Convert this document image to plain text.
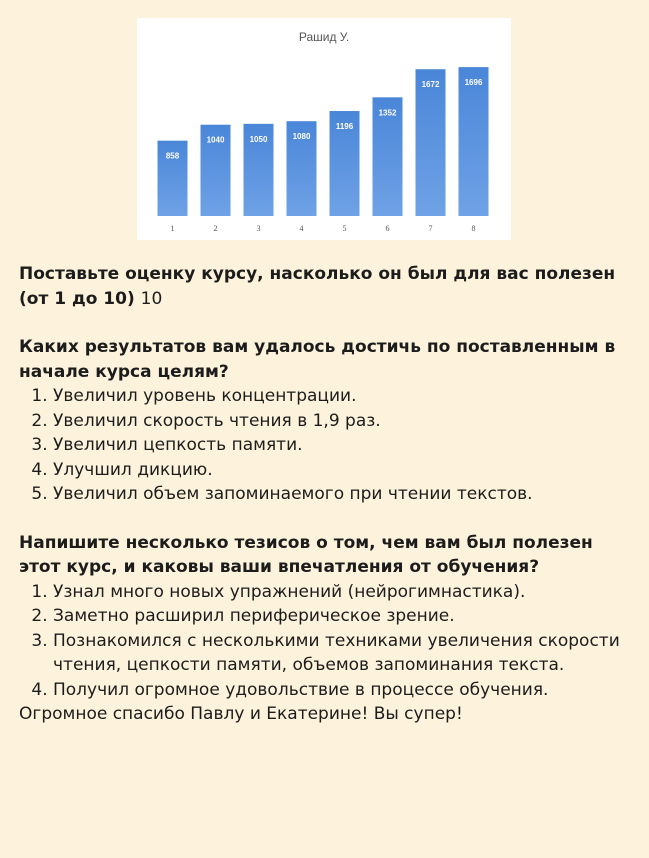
858
1
1040
2
1050
3
1080
4
1196
5
1352
6
1672
7
1696
8
Рашид У.

Поставьте оценку курсу, насколько он был для вас полезен (от 1 до 10) 10

Каких результатов вам удалось достичь по поставленным в начале курса целям?

1. Увеличил уровень концентрации.
2. Увеличил скорость чтения в 1,9 раз.
3. Увеличил цепкость памяти.
4. Улучшил дикцию.
5. Увеличил объем запоминаемого при чтении текстов.

Напишите несколько тезисов о том, чем вам был полезен этот курс, и каковы ваши впечатления от обучения?

1. Узнал много новых упражнений (нейрогимнастика).
2. Заметно расширил периферическое зрение.
3. Познакомился с несколькими техниками увеличения скорости чтения, цепкости памяти, объемов запоминания текста.
4. Получил огромное удовольствие в процессе обучения.

Огромное спасибо Павлу и Екатерине! Вы супер!
